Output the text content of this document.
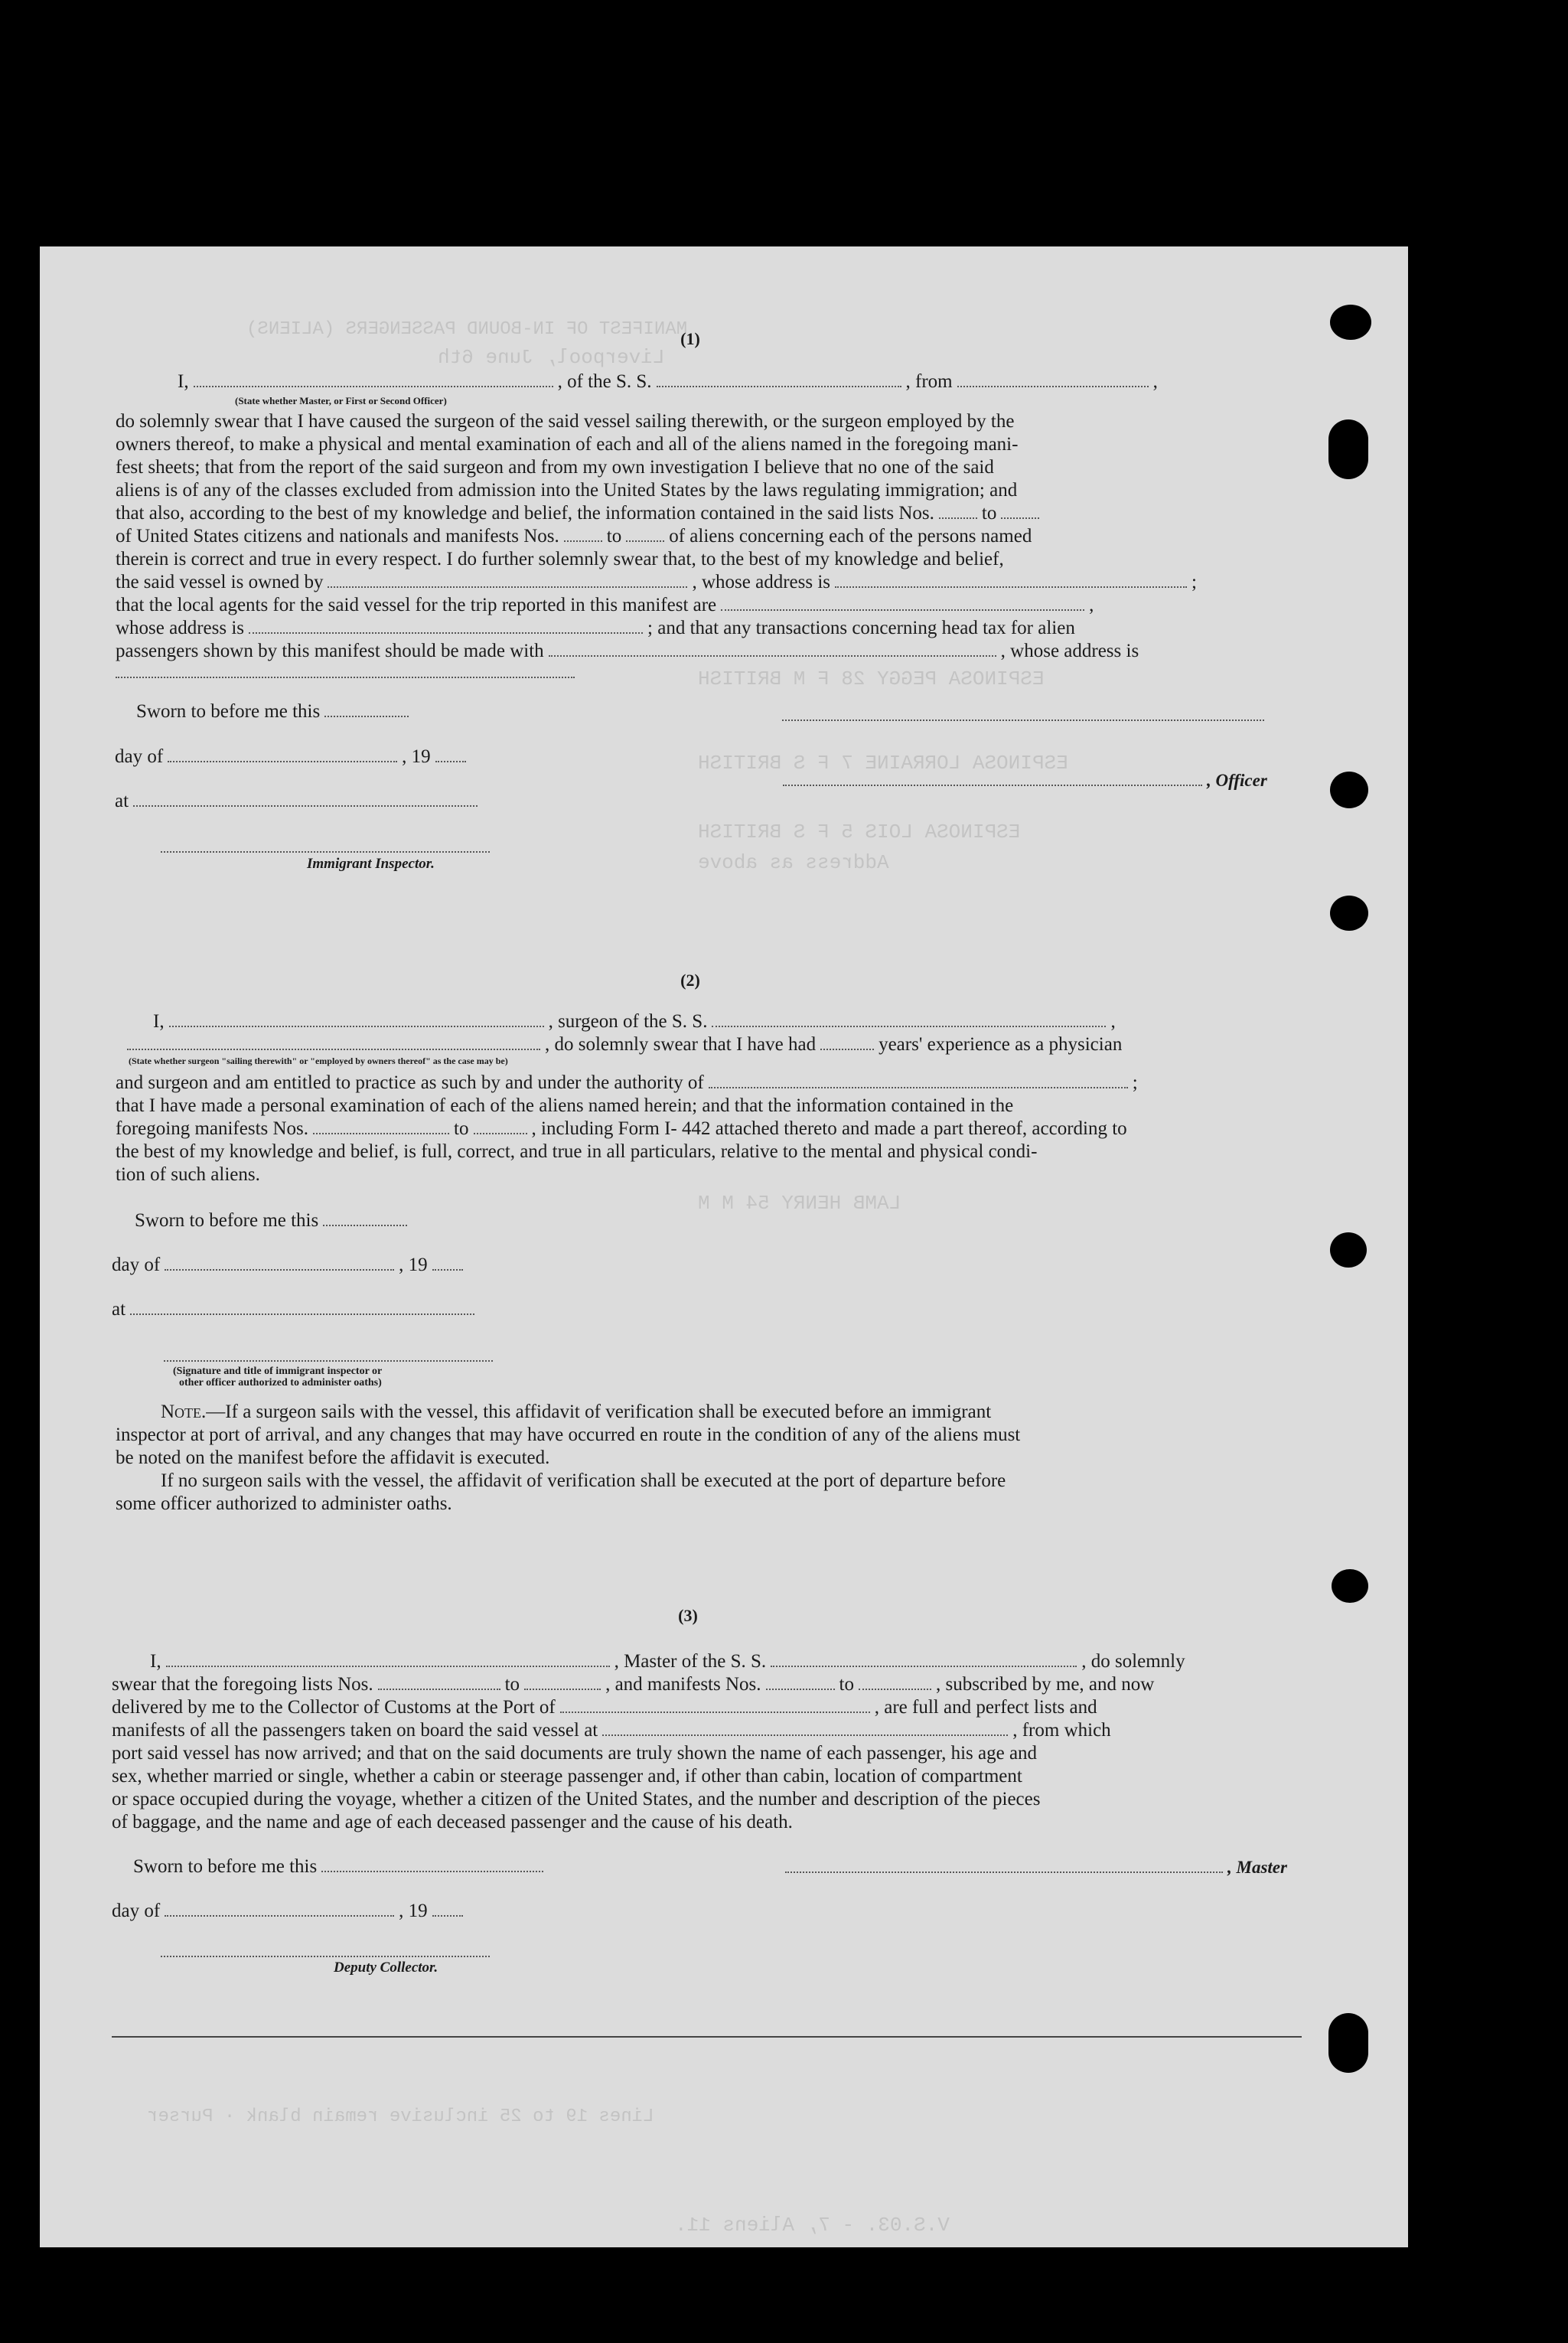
MANIFEST OF IN-BOUND PASSENGERS (ALIENS)
Liverpool, June 6th
ESPINOSA PEGGY 28 F M BRITISH
ESPINOSA LORRAINE 7 F S BRITISH
ESPINOSA LOIS 5 F S BRITISH
Address as above
LAMB HENRY 54 M M
Lines 19 to 25 inclusive remain blank · Purser
V.S.03. - 7, Aliens 11.
(1)
I,	, of the S. S.	, from	,
(State whether Master, or First or Second Officer)
do solemnly swear that I have caused the surgeon of the said vessel sailing therewith, or the surgeon employed by the
owners thereof, to make a physical and mental examination of each and all of the aliens named in the foregoing mani-
fest sheets; that from the report of the said surgeon and from my own investigation I believe that no one of the said
aliens is of any of the classes excluded from admission into the United States by the laws regulating immigration; and
that also, according to the best of my knowledge and belief, the information contained in the said lists Nos. to
of United States citizens and nationals and manifests Nos. to of aliens concerning each of the persons named
therein is correct and true in every respect. I do further solemnly swear that, to the best of my knowledge and belief,
the said vessel is owned by	, whose address is	;
that the local agents for the said vessel for the trip reported in this manifest are	,
whose address is	; and that any transactions concerning head tax for alien
passengers shown by this manifest should be made with	, whose address is
Sworn to before me this
day of	, 19
at
Immigrant Inspector.
, Officer
(2)
I,	, surgeon of the S. S.	,
, do solemnly swear that I have had	years' experience as a physician
(State whether surgeon "sailing therewith" or "employed by owners thereof" as the case may be)
and surgeon and am entitled to practice as such by and under the authority of	;
that I have made a personal examination of each of the aliens named herein; and that the information contained in the
foregoing manifests Nos.	to	, including Form I- 442 attached thereto and made a part thereof, according to
the best of my knowledge and belief, is full, correct, and true in all particulars, relative to the mental and physical condi-
tion of such aliens.
Sworn to before me this
day of	, 19
at
(Signature and title of immigrant inspector or
other officer authorized to administer oaths)
Note.—If a surgeon sails with the vessel, this affidavit of verification shall be executed before an immigrant
inspector at port of arrival, and any changes that may have occurred en route in the condition of any of the aliens must
be noted on the manifest before the affidavit is executed.
If no surgeon sails with the vessel, the affidavit of verification shall be executed at the port of departure before
some officer authorized to administer oaths.
(3)
I,	, Master of the S. S.	, do solemnly
swear that the foregoing lists Nos.	to	, and manifests Nos.	to	, subscribed by me, and now
delivered by me to the Collector of Customs at the Port of	, are full and perfect lists and
manifests of all the passengers taken on board the said vessel at	, from which
port said vessel has now arrived; and that on the said documents are truly shown the name of each passenger, his age and
sex, whether married or single, whether a cabin or steerage passenger and, if other than cabin, location of compartment
or space occupied during the voyage, whether a citizen of the United States, and the number and description of the pieces
of baggage, and the name and age of each deceased passenger and the cause of his death.
Sworn to before me this	, Master
day of	, 19
Deputy Collector.
